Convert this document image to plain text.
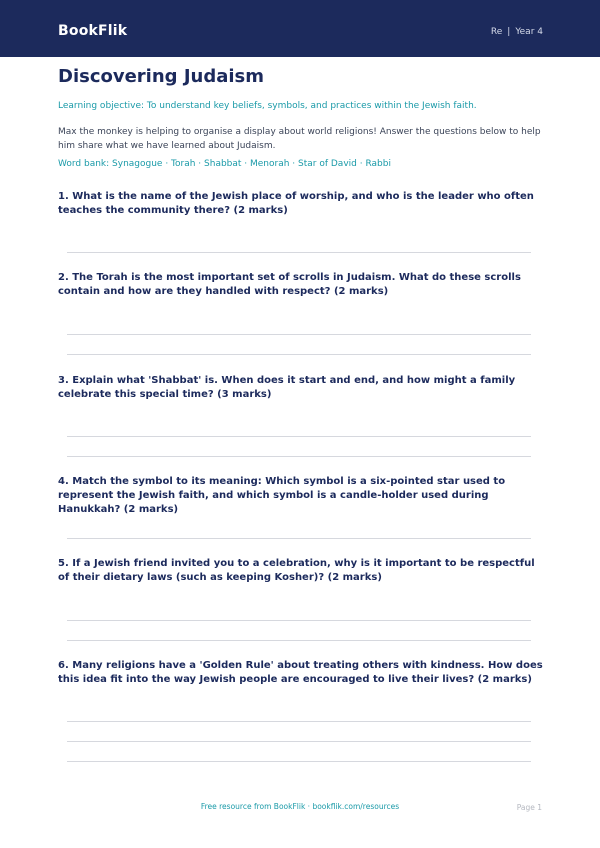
BookFlik	Re | Year 4
Discovering Judaism
Learning objective: To understand key beliefs, symbols, and practices within the Jewish faith.
Max the monkey is helping to organise a display about world religions! Answer the questions below to help him share what we have learned about Judaism.
Word bank: Synagogue · Torah · Shabbat · Menorah · Star of David · Rabbi
1. What is the name of the Jewish place of worship, and who is the leader who often teaches the community there? (2 marks)
2. The Torah is the most important set of scrolls in Judaism. What do these scrolls contain and how are they handled with respect? (2 marks)
3. Explain what 'Shabbat' is. When does it start and end, and how might a family celebrate this special time? (3 marks)
4. Match the symbol to its meaning: Which symbol is a six-pointed star used to represent the Jewish faith, and which symbol is a candle-holder used during Hanukkah? (2 marks)
5. If a Jewish friend invited you to a celebration, why is it important to be respectful of their dietary laws (such as keeping Kosher)? (2 marks)
6. Many religions have a 'Golden Rule' about treating others with kindness. How does this idea fit into the way Jewish people are encouraged to live their lives? (2 marks)
Free resource from BookFlik · bookflik.com/resources	Page 1
